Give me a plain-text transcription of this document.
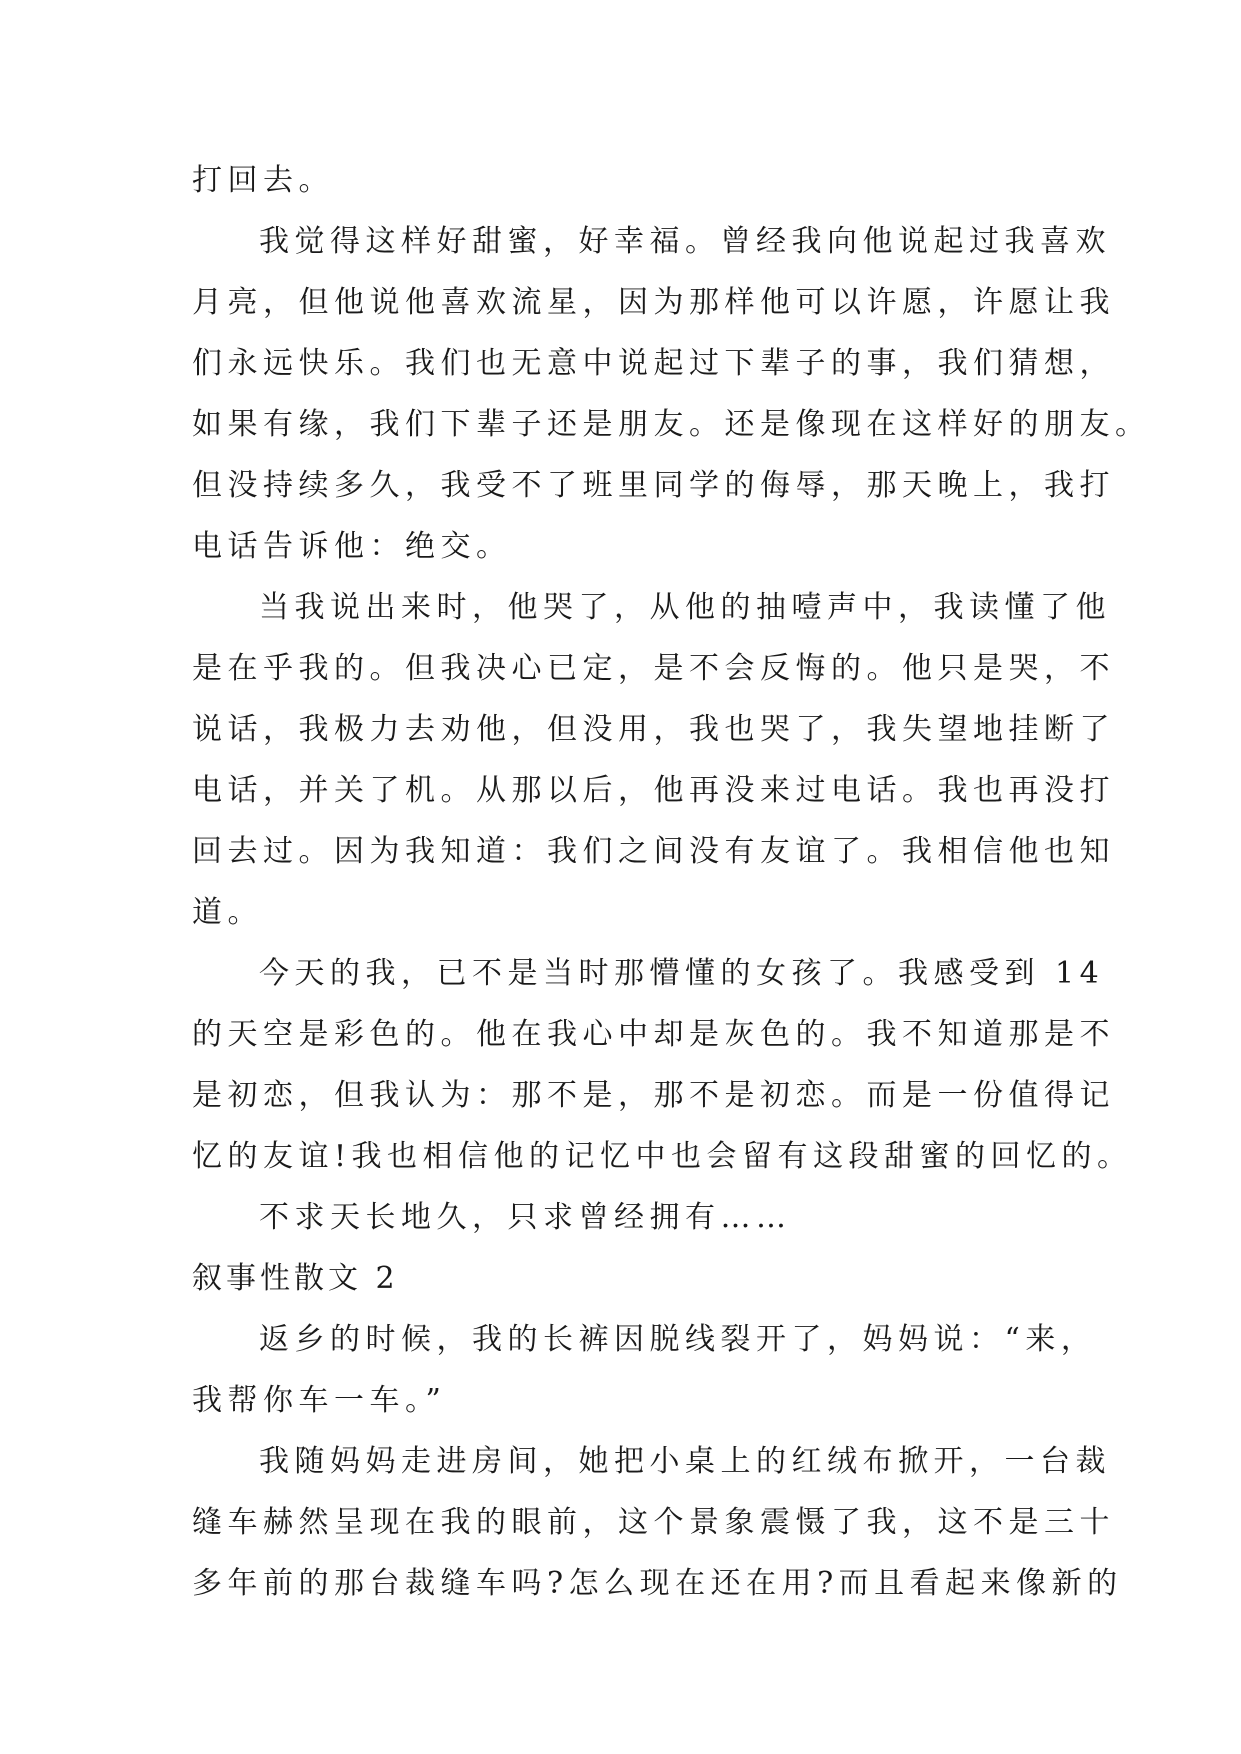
打回去。
我觉得这样好甜蜜，好幸福。曾经我向他说起过我喜欢
月亮，但他说他喜欢流星，因为那样他可以许愿，许愿让我
们永远快乐。我们也无意中说起过下辈子的事，我们猜想，
如果有缘，我们下辈子还是朋友。还是像现在这样好的朋友。
但没持续多久，我受不了班里同学的侮辱，那天晚上，我打
电话告诉他：绝交。
当我说出来时，他哭了，从他的抽噎声中，我读懂了他
是在乎我的。但我决心已定，是不会反悔的。他只是哭，不
说话，我极力去劝他，但没用，我也哭了，我失望地挂断了
电话，并关了机。从那以后，他再没来过电话。我也再没打
回去过。因为我知道：我们之间没有友谊了。我相信他也知
道。
今天的我，已不是当时那懵懂的女孩了。我感受到 14
的天空是彩色的。他在我心中却是灰色的。我不知道那是不
是初恋，但我认为：那不是，那不是初恋。而是一份值得记
忆的友谊!我也相信他的记忆中也会留有这段甜蜜的回忆的。
不求天长地久，只求曾经拥有……
叙事性散文 2
返乡的时候，我的长裤因脱线裂开了，妈妈说：“来，
我帮你车一车。”
我随妈妈走进房间，她把小桌上的红绒布掀开，一台裁
缝车赫然呈现在我的眼前，这个景象震慑了我，这不是三十
多年前的那台裁缝车吗?怎么现在还在用?而且看起来像新的
